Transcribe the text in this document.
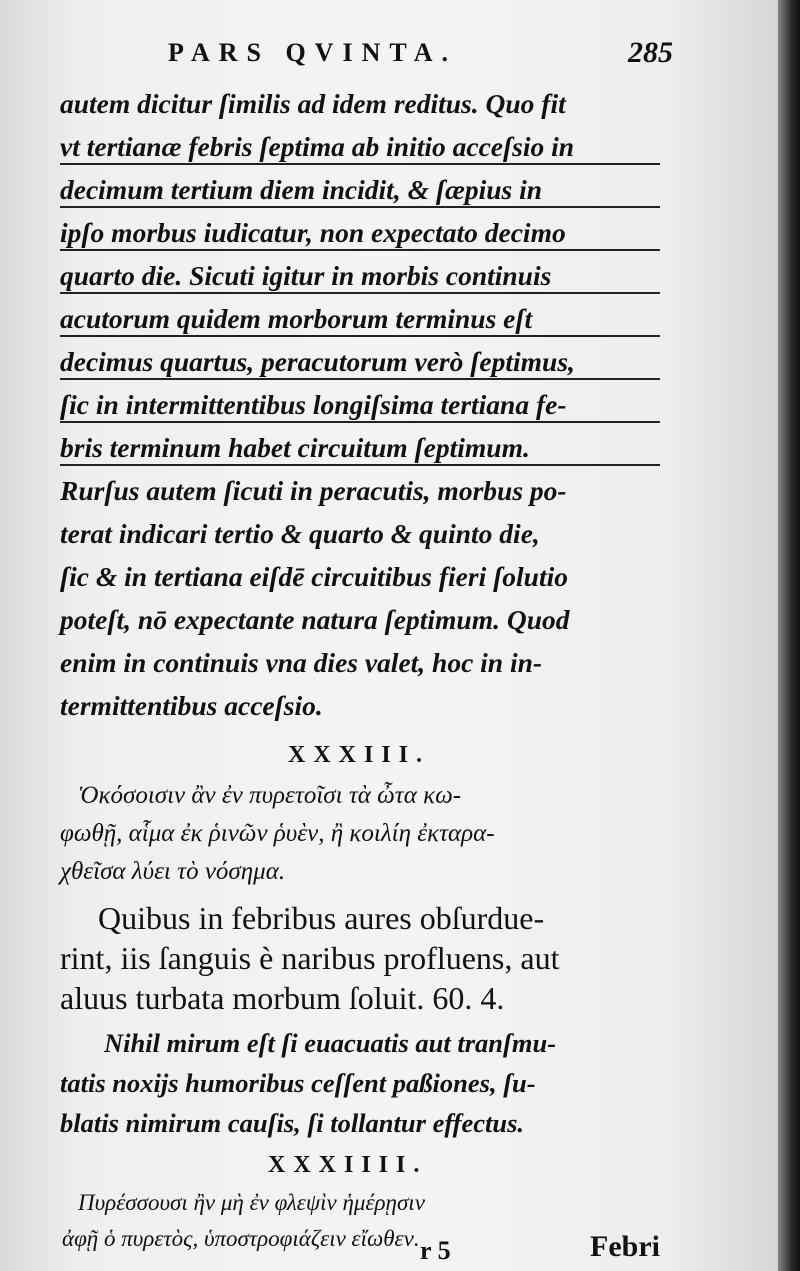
PARS QVINTA.	285
autem dicitur ſimilis ad idem reditus. Quo fit
vt tertianæ febris ſeptima ab initio acceſsio in
decimum tertium diem incidit, & ſæpius in
ipſo morbus iudicatur, non expectato decimo
quarto die. Sicuti igitur in morbis continuis
acutorum quidem morborum terminus eſt
decimus quartus, peracutorum verò ſeptimus,
ſic in intermittentibus longiſsima tertiana fe-
bris terminum habet circuitum ſeptimum.
Rurſus autem ſicuti in peracutis, morbus po-
terat indicari tertio & quarto & quinto die,
ſic & in tertiana eiſdē circuitibus fieri ſolutio
poteſt, nō expectante natura ſeptimum. Quod
enim in continuis vna dies valet, hoc in in-
termittentibus acceſsio.
XXXIII.
Ὁκόσοισιν ἂν ἐν πυρετοῖσι τὰ ὦτα κω-
φωθῇ, αἷμα ἐκ ῥινῶν ῥυὲν, ἢ κοιλίη ἐκταρα-
χθεῖσα λύει τὸ νόσημα.
Quibus in febribus aures obſurdue-
rint, iis ſanguis è naribus profluens, aut
aluus turbata morbum ſoluit. 60. 4.
Nihil mirum eſt ſi euacuatis aut tranſmu-
tatis noxijs humoribus ceſſent paßiones, ſu-
blatis nimirum cauſis, ſi tollantur effectus.
XXXIIII.
Πυρέσσουσι ἢν μὴ ἐν φλεψὶν ἡμέρῃσιν
ἀφῇ ὁ πυρετὸς, ὑποστροφιάζειν εἴωθεν. r 5	Febri
